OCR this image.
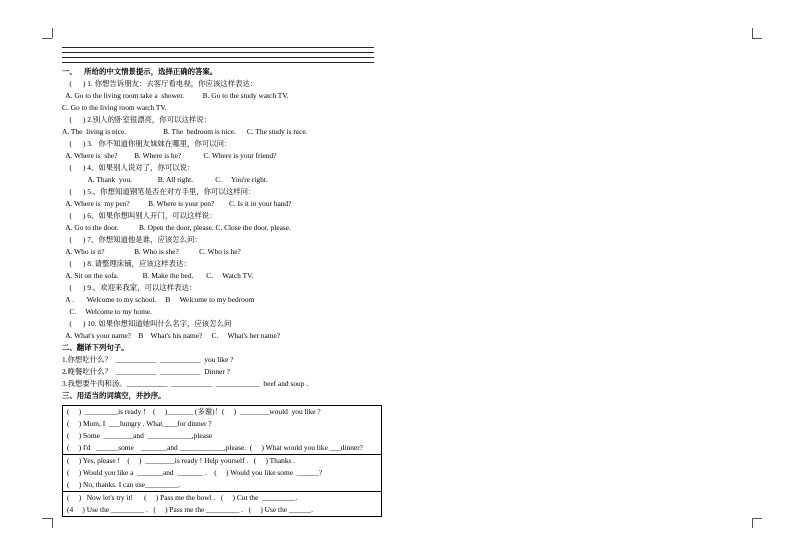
一、    所给的中文情景提示，选择正确的答案。
(      ) 1. 你想告诉朋友：去客厅看电视，你应该这样表达：
A. Go to the living room take a  shower.          B. Go to the study watch TV.
C. Go to the living room watch TV.
(      ) 2.别人的卧室很漂亮，你可以这样说：
A. The  living is nice.                    B. The  bedroom is nice.      C. The study is nice.
(      ) 3.   你不知道你朋友妹妹在哪里，你可以问：
A. Where is  she?         B. Where is he?            C. Where is your friend?
(      ) 4、如果别人说对了，你可以说：
A. Thank  you.              B. All right.            C.     You're right.
(      ) 5.、你想知道钢笔是否在对方手里，你可以这样问：
A. Where is  my pen?          B. Where is your pen?        C. Is it in your hand?
(      ) 6、如果你想叫别人开门，可以这样说：
A. Go to the door.           B. Open the door, please. C. Close the door, please.
(      ) 7、你想知道他是谁，应该怎么问：
A. Who is it?                B. Who is she?           C. Who is he?
(      ) 8. 请整理床铺，应该这样表达：
A. Sit on the sofa.             B. Make the bed.       C.     Watch TV.
(      ) 9.、欢迎来我家，可以这样表达：
A .       Welcome to my school.     B     Welcome to my bedroom
C.     Welcome to my home.
(      ) 10. 如果你想知道她叫什么名字，应该怎么问
A. What's your name?    B    What's his name?     C.     What's her name?
二、翻译下列句子。
1.你想吃什么？  ___________  ___________  you like ?
2.晚餐吃什么？  ___________  ___________  Dinner ?
3.我想要牛肉和汤。___________  ___________  ____________  beef and soup .
三、用适当的词填空，并抄序。
(     )  _________is ready !    (     )_______ (多谢)！(     )  ________would  you like ?
(     ) Mum, I  ___hungry . What____for dinner ?
(     ) Some  ________and  ____________,please
(     ) I'd   ______some    _______and ____________,please.  (     ) What would you like ___dinner?
(     ) Yes, please !    (     )  ________is ready ! Help yourself .   (     ) Thanks .
(     ) Would you like a  _______and  _______ .    (     ) Would you like some  ______?
(     ) No, thanks. I can use_________.
(     )   Now let's try it!      (     ) Pass me the bowl .   (     ) Cut the  _________.
(4     ) Use the _________ .   (     ) Pass me the _________ .   (     ) Use the ______.
